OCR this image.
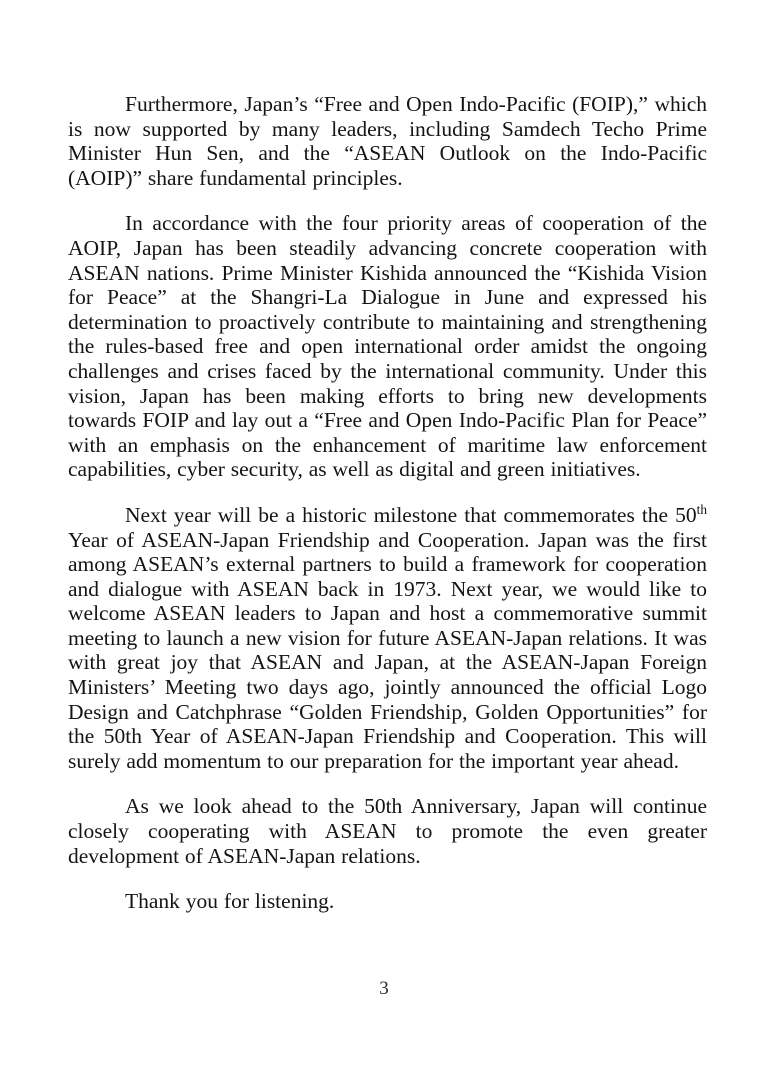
Furthermore, Japan’s “Free and Open Indo-Pacific (FOIP),” which is now supported by many leaders, including Samdech Techo Prime Minister Hun Sen, and the “ASEAN Outlook on the Indo-Pacific (AOIP)” share fundamental principles.

In accordance with the four priority areas of cooperation of the AOIP, Japan has been steadily advancing concrete cooperation with ASEAN nations. Prime Minister Kishida announced the “Kishida Vision for Peace” at the Shangri-La Dialogue in June and expressed his determination to proactively contribute to maintaining and strengthening the rules-based free and open international order amidst the ongoing challenges and crises faced by the international community. Under this vision, Japan has been making efforts to bring new developments towards FOIP and lay out a “Free and Open Indo-Pacific Plan for Peace” with an emphasis on the enhancement of maritime law enforcement capabilities, cyber security, as well as digital and green initiatives.

Next year will be a historic milestone that commemorates the 50th Year of ASEAN-Japan Friendship and Cooperation. Japan was the first among ASEAN’s external partners to build a framework for cooperation and dialogue with ASEAN back in 1973. Next year, we would like to welcome ASEAN leaders to Japan and host a commemorative summit meeting to launch a new vision for future ASEAN-Japan relations. It was with great joy that ASEAN and Japan, at the ASEAN-Japan Foreign Ministers’ Meeting two days ago, jointly announced the official Logo Design and Catchphrase “Golden Friendship, Golden Opportunities” for the 50th Year of ASEAN-Japan Friendship and Cooperation. This will surely add momentum to our preparation for the important year ahead.

As we look ahead to the 50th Anniversary, Japan will continue closely cooperating with ASEAN to promote the even greater development of ASEAN-Japan relations.

Thank you for listening.

3
